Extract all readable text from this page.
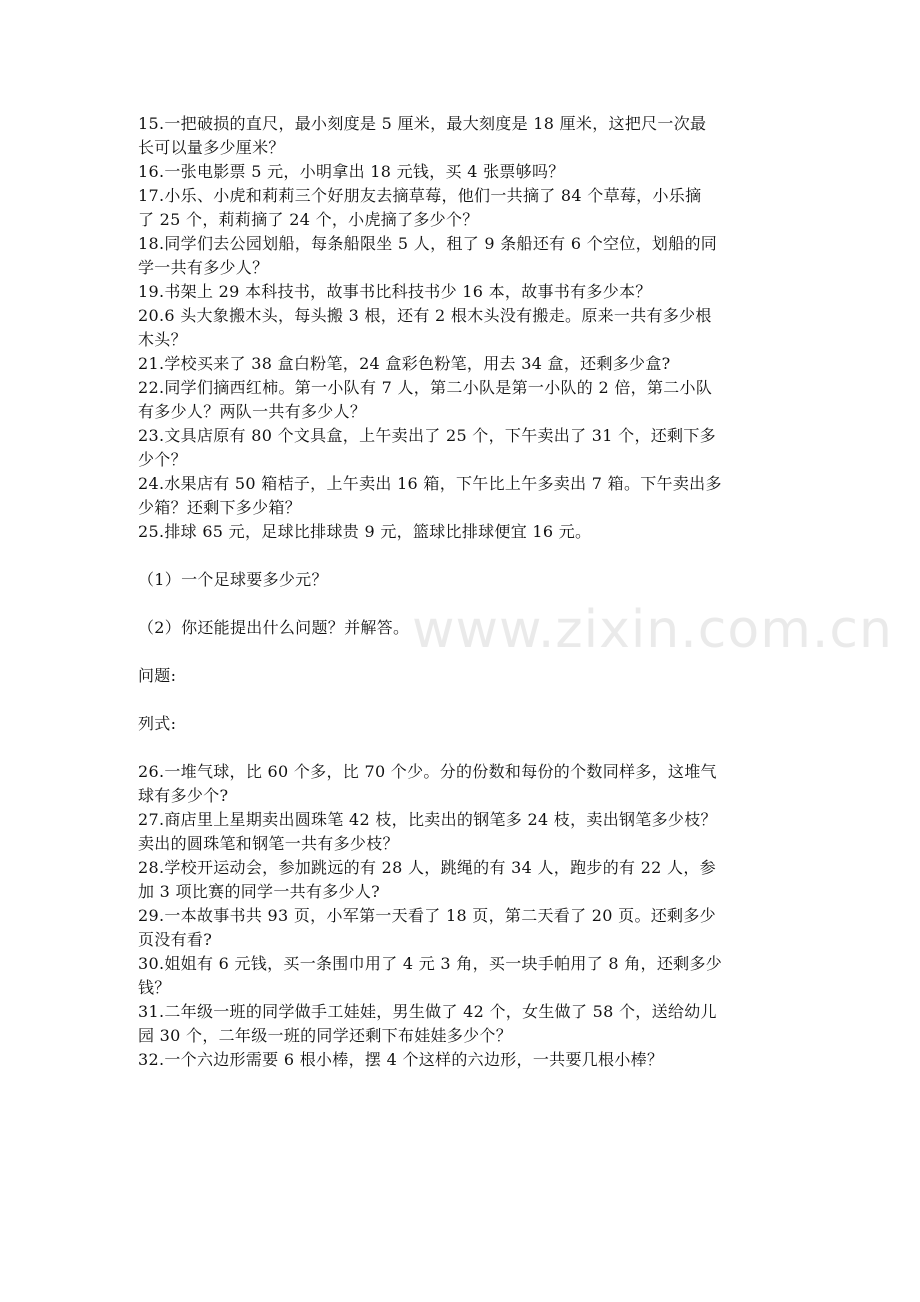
15.一把破损的直尺，最小刻度是 5 厘米，最大刻度是 18 厘米，这把尺一次最
长可以量多少厘米？
16.一张电影票 5 元，小明拿出 18 元钱，买 4 张票够吗？
17.小乐、小虎和莉莉三个好朋友去摘草莓，他们一共摘了 84 个草莓，小乐摘
了 25 个，莉莉摘了 24 个，小虎摘了多少个？
18.同学们去公园划船，每条船限坐 5 人，租了 9 条船还有 6 个空位，划船的同
学一共有多少人？
19.书架上 29 本科技书，故事书比科技书少 16 本，故事书有多少本？
20.6 头大象搬木头，每头搬 3 根，还有 2 根木头没有搬走。原来一共有多少根
木头？
21.学校买来了 38 盒白粉笔，24 盒彩色粉笔，用去 34 盒，还剩多少盒?
22.同学们摘西红柿。第一小队有 7 人，第二小队是第一小队的 2 倍，第二小队
有多少人？两队一共有多少人？
23.文具店原有 80 个文具盒，上午卖出了 25 个，下午卖出了 31 个，还剩下多
少个？
24.水果店有 50 箱桔子，上午卖出 16 箱，下午比上午多卖出 7 箱。下午卖出多
少箱？还剩下多少箱？
25.排球 65 元，足球比排球贵 9 元，篮球比排球便宜 16 元。
（1）一个足球要多少元？
（2）你还能提出什么问题？并解答。
问题:
列式:
26.一堆气球，比 60 个多，比 70 个少。分的份数和每份的个数同样多，这堆气
球有多少个?
27.商店里上星期卖出圆珠笔 42 枝，比卖出的钢笔多 24 枝，卖出钢笔多少枝？
卖出的圆珠笔和钢笔一共有多少枝？
28.学校开运动会，参加跳远的有 28 人，跳绳的有 34 人，跑步的有 22 人，参
加 3 项比赛的同学一共有多少人?
29.一本故事书共 93 页，小军第一天看了 18 页，第二天看了 20 页。还剩多少
页没有看?
30.姐姐有 6 元钱，买一条围巾用了 4 元 3 角，买一块手帕用了 8 角，还剩多少
钱？
31.二年级一班的同学做手工娃娃，男生做了 42 个，女生做了 58 个，送给幼儿
园 30 个，二年级一班的同学还剩下布娃娃多少个？
32.一个六边形需要 6 根小棒，摆 4 个这样的六边形，一共要几根小棒？
www.zixin.com.cn
